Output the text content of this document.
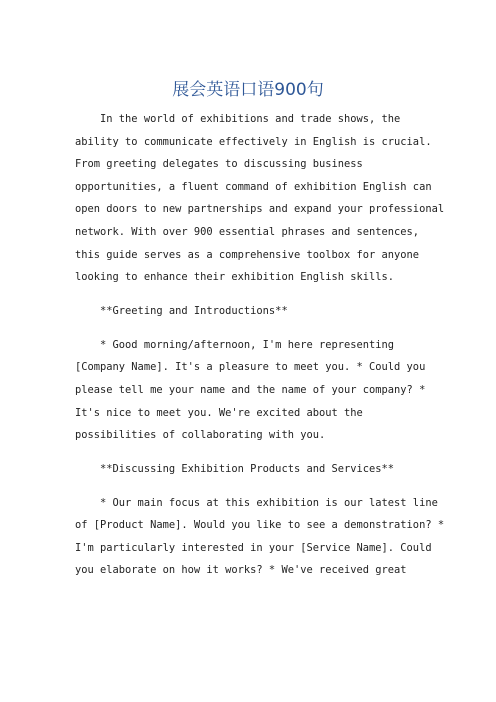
展会英语口语900句
In the world of exhibitions and trade shows, the
ability to communicate effectively in English is crucial.
From greeting delegates to discussing business
opportunities, a fluent command of exhibition English can
open doors to new partnerships and expand your professional
network. With over 900 essential phrases and sentences,
this guide serves as a comprehensive toolbox for anyone
looking to enhance their exhibition English skills.
**Greeting and Introductions**
* Good morning/afternoon, I'm here representing
[Company Name]. It's a pleasure to meet you. * Could you
please tell me your name and the name of your company? *
It's nice to meet you. We're excited about the
possibilities of collaborating with you.
**Discussing Exhibition Products and Services**
* Our main focus at this exhibition is our latest line
of [Product Name]. Would you like to see a demonstration? *
I'm particularly interested in your [Service Name]. Could
you elaborate on how it works? * We've received great
